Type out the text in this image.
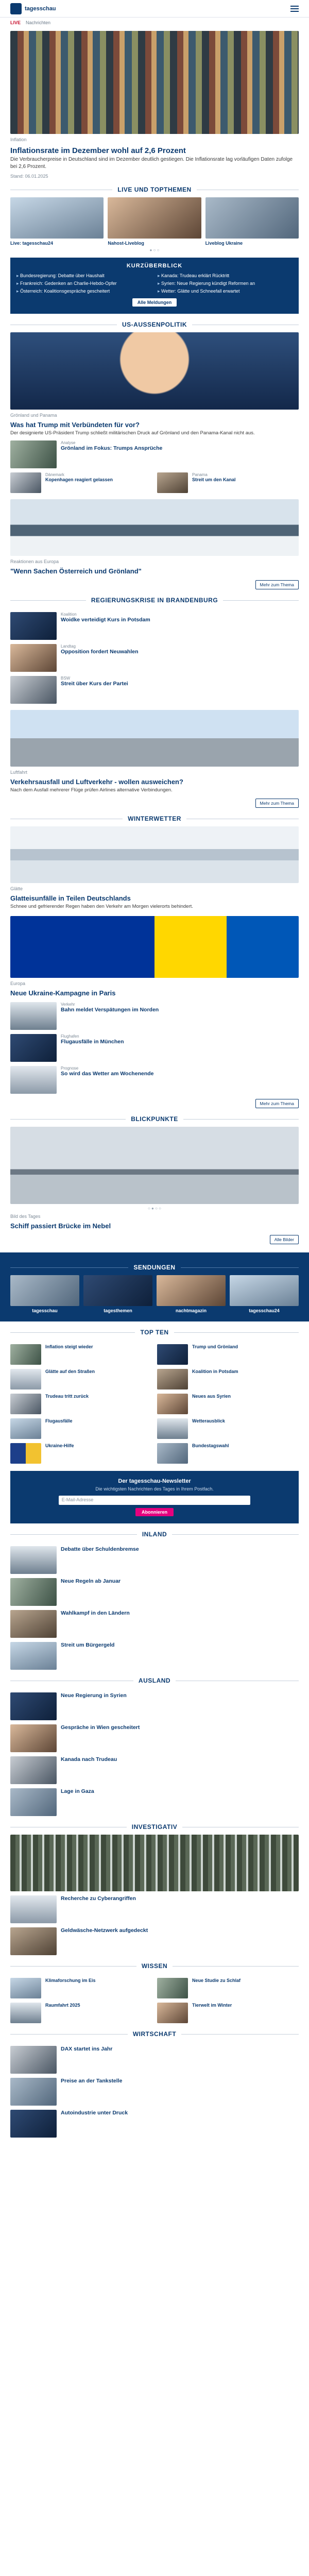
tagesschau
LIVE Nachrichten
Inflation
Inflationsrate im Dezember wohl auf 2,6 Prozent
Die Verbraucherpreise in Deutschland sind im Dezember deutlich gestiegen. Die Inflationsrate lag vorläufigen Daten zufolge bei 2,6 Prozent.
Stand: 06.01.2025
LIVE UND TOPTHEMEN
Live: tagesschau24	Nahost-Liveblog	Liveblog Ukraine
● ○ ○
KURZÜBERBLICK
▸ Bundesregierung: Debatte über Haushalt	▸ Kanada: Trudeau erklärt Rücktritt
▸ Frankreich: Gedenken an Charlie-Hebdo-Opfer	▸ Syrien: Neue Regierung kündigt Reformen an
▸ Österreich: Koalitionsgespräche gescheitert	▸ Wetter: Glätte und Schneefall erwartet
Alle Meldungen
US-AUSSENPOLITIK
Grönland und Panama
Was hat Trump mit Verbündeten für vor?
Der designierte US-Präsident Trump schließt militärischen Druck auf Grönland und den Panama-Kanal nicht aus.
Analyse
Grönland im Fokus: Trumps Ansprüche
Dänemark
Kopenhagen reagiert gelassen
Panama
Streit um den Kanal
Reaktionen aus Europa
"Wenn Sachen Österreich und Grönland"
Mehr zum Thema
REGIERUNGSKRISE IN BRANDENBURG
Koalition
Woidke verteidigt Kurs in Potsdam
Landtag
Opposition fordert Neuwahlen
BSW
Streit über Kurs der Partei
Luftfahrt
Verkehrsausfall und Luftverkehr - wollen ausweichen?
Nach dem Ausfall mehrerer Flüge prüfen Airlines alternative Verbindungen.
Mehr zum Thema
WINTERWETTER
Glätte
Glatteisunfälle in Teilen Deutschlands
Schnee und gefrierender Regen haben den Verkehr am Morgen vielerorts behindert.
Europa
Neue Ukraine-Kampagne in Paris
Verkehr
Bahn meldet Verspätungen im Norden
Flughafen
Flugausfälle in München
Prognose
So wird das Wetter am Wochenende
Mehr zum Thema
BLICKPUNKTE
○ ● ○ ○
Bild des Tages
Schiff passiert Brücke im Nebel
Alle Bilder
SENDUNGEN
tagesschau	tagesthemen	nachtmagazin	tagesschau24
TOP TEN
Inflation steigt wieder	Trump und Grönland
Glätte auf den Straßen	Koalition in Potsdam
Trudeau tritt zurück	Neues aus Syrien
Flugausfälle	Wetterausblick
Ukraine-Hilfe	Bundestagswahl
Der tagesschau-Newsletter
Die wichtigsten Nachrichten des Tages in Ihrem Postfach.
E-Mail-Adresse
Abonnieren
INLAND
Debatte über Schuldenbremse
Neue Regeln ab Januar
Wahlkampf in den Ländern
Streit um Bürgergeld
AUSLAND
Neue Regierung in Syrien
Gespräche in Wien gescheitert
Kanada nach Trudeau
Lage in Gaza
INVESTIGATIV
Recherche zu Cyberangriffen
Geldwäsche-Netzwerk aufgedeckt
WISSEN
Klimaforschung im Eis	Neue Studie zu Schlaf
Raumfahrt 2025	Tierwelt im Winter
WIRTSCHAFT
DAX startet ins Jahr
Preise an der Tankstelle
Autoindustrie unter Druck
